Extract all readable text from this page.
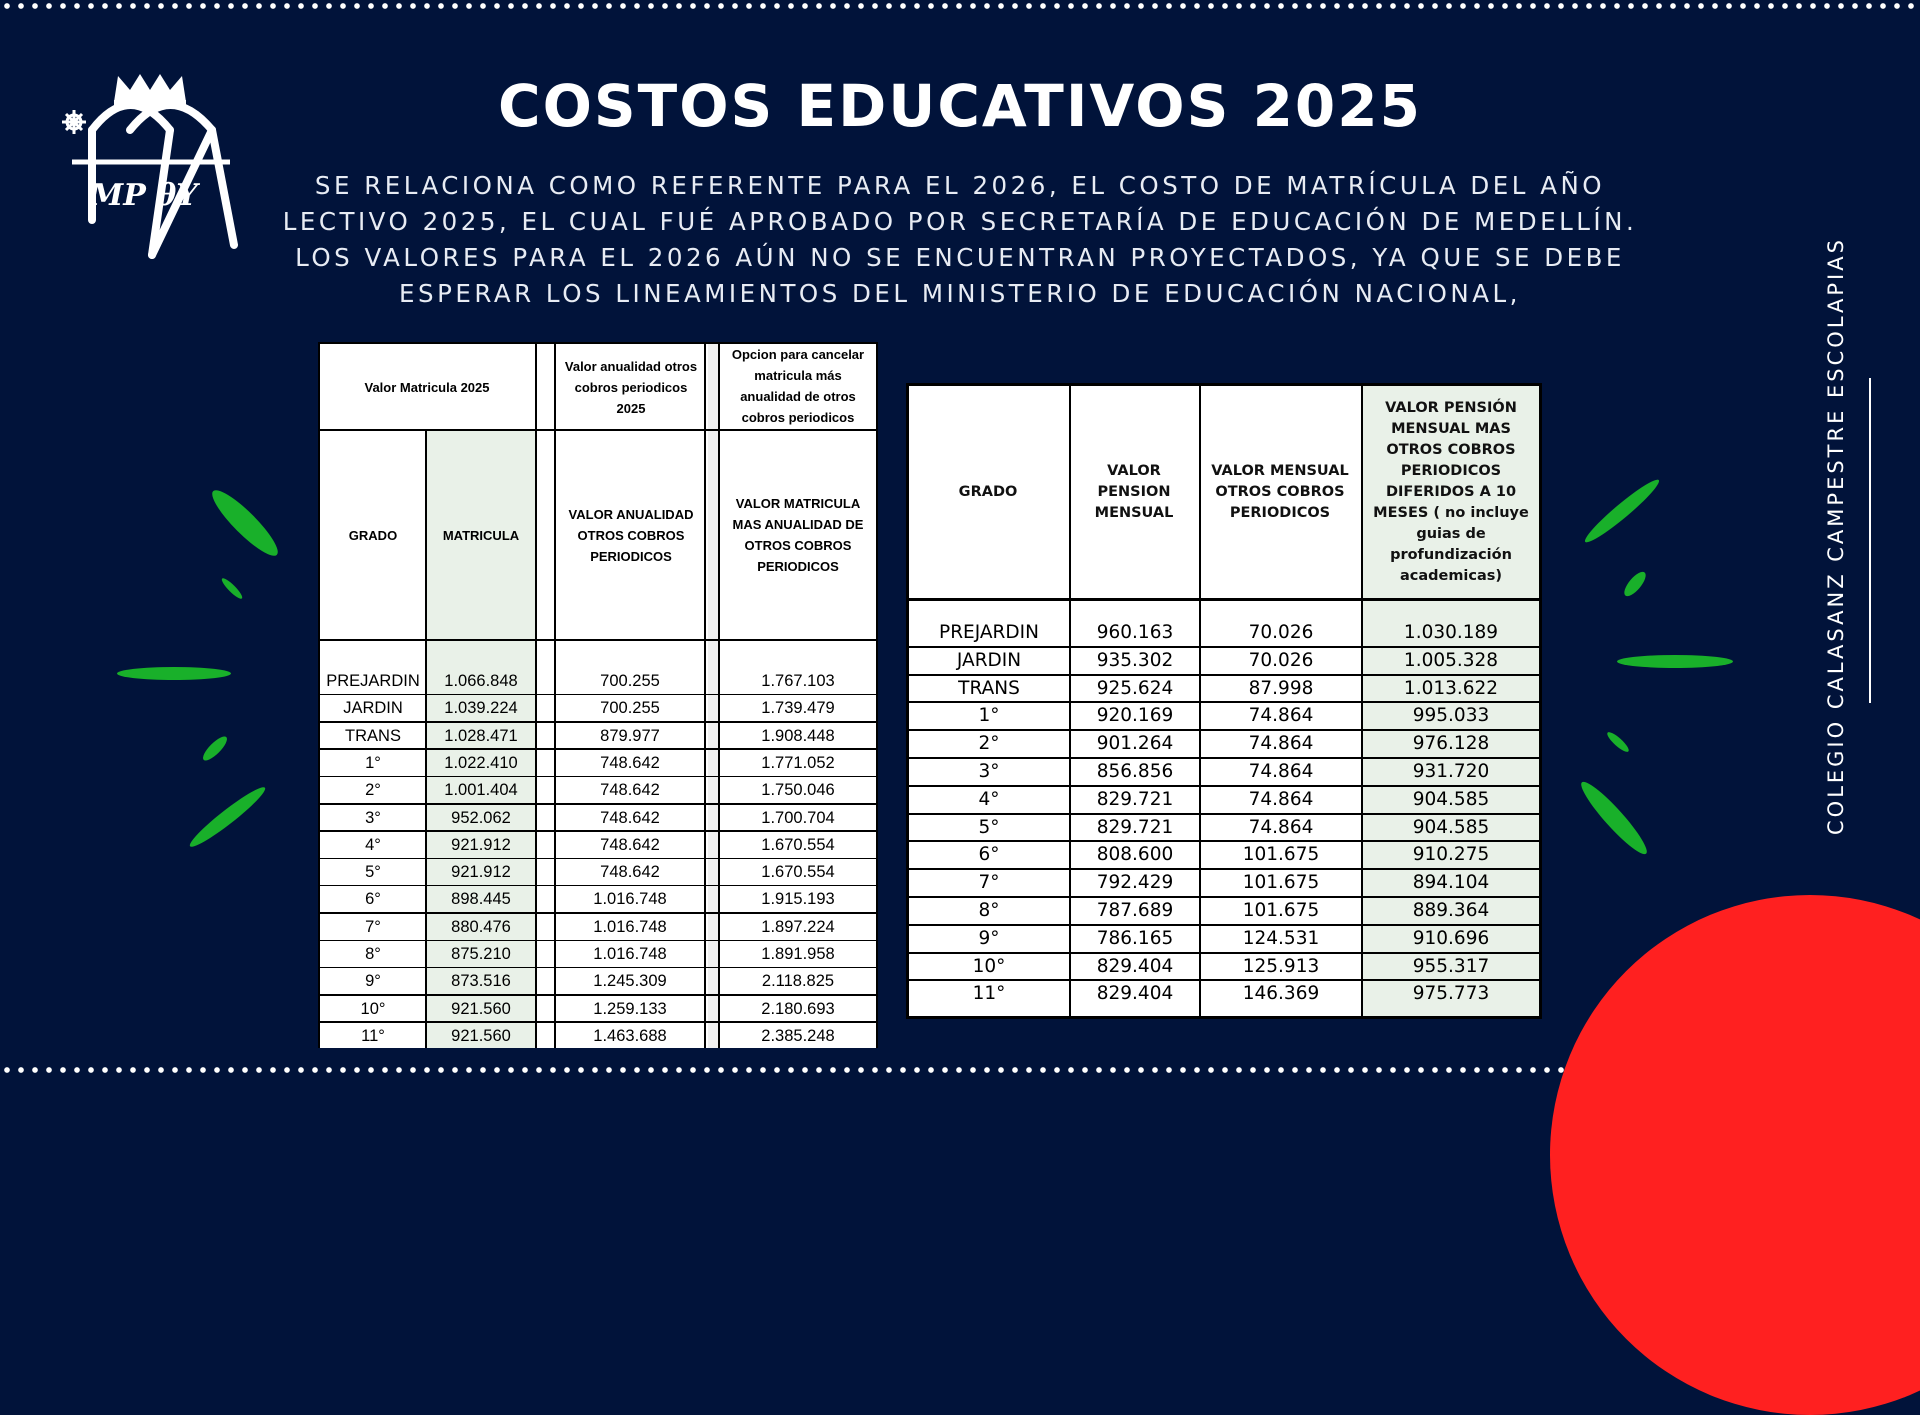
MP θY
COSTOS EDUCATIVOS 2025
SE RELACIONA COMO REFERENTE PARA EL 2026, EL COSTO DE MATRÍCULA DEL AÑO
LECTIVO 2025, EL CUAL FUÉ APROBADO POR SECRETARÍA DE EDUCACIÓN DE MEDELLÍN.
LOS VALORES PARA EL 2026 AÚN NO SE ENCUENTRAN PROYECTADOS, YA QUE SE DEBE
ESPERAR LOS LINEAMIENTOS DEL MINISTERIO DE EDUCACIÓN NACIONAL,	COLEGIO CALASANZ CAMPESTRE ESCOLAPIAS
Valor Matricula 2025
Valor anualidad otros cobros periodicos 2025
Opcion para cancelar matricula más anualidad de otros cobros periodicos
GRADO	MATRICULA
VALOR ANUALIDAD OTROS COBROS PERIODICOS
VALOR MATRICULA MAS ANUALIDAD DE OTROS COBROS PERIODICOS
PREJARDIN	1.066.848	700.255	1.767.103
JARDIN	1.039.224	700.255	1.739.479
TRANS	1.028.471	879.977	1.908.448
1°	1.022.410	748.642	1.771.052
2°	1.001.404	748.642	1.750.046
3°	952.062	748.642	1.700.704
4°	921.912	748.642	1.670.554
5°	921.912	748.642	1.670.554
6°	898.445	1.016.748	1.915.193
7°	880.476	1.016.748	1.897.224
8°	875.210	1.016.748	1.891.958
9°	873.516	1.245.309	2.118.825
10°	921.560	1.259.133	2.180.693
11°	921.560	1.463.688	2.385.248
GRADO
VALOR PENSION MENSUAL
VALOR MENSUAL OTROS COBROS PERIODICOS
VALOR PENSIÓN MENSUAL MAS OTROS COBROS PERIODICOS DIFERIDOS A 10 MESES ( no incluye guias de profundización academicas)
PREJARDIN	960.163	70.026	1.030.189
JARDIN	935.302	70.026	1.005.328
TRANS	925.624	87.998	1.013.622
1°	920.169	74.864	995.033
2°	901.264	74.864	976.128
3°	856.856	74.864	931.720
4°	829.721	74.864	904.585
5°	829.721	74.864	904.585
6°	808.600	101.675	910.275
7°	792.429	101.675	894.104
8°	787.689	101.675	889.364
9°	786.165	124.531	910.696
10°	829.404	125.913	955.317
11°	829.404	146.369	975.773
